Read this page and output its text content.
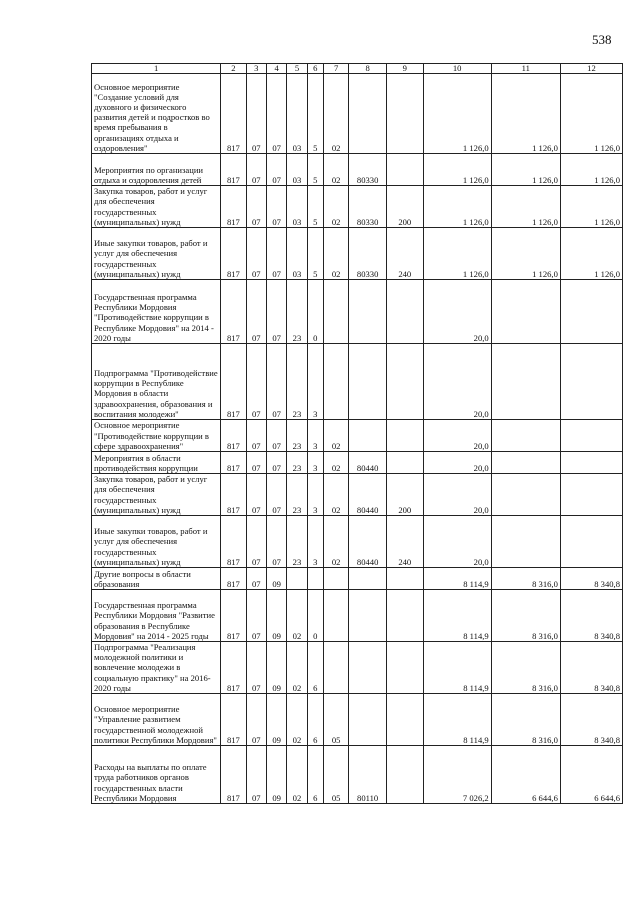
538
1	2	3	4	5	6	7	8	9	10	11	12

Основное мероприятие "Создание условий для духовного и физического развития детей и подростков во время пребывания в организациях отдыха и оздоровления"	817	07	07	03	5	02			1 126,0	1 126,0	1 126,0

Мероприятия по организации отдыха и оздоровления детей	817	07	07	03	5	02	80330		1 126,0	1 126,0	1 126,0

Закупка товаров, работ и услуг для обеспечения государственных (муниципальных) нужд	817	07	07	03	5	02	80330	200	1 126,0	1 126,0	1 126,0

Иные закупки товаров, работ и услуг для обеспечения государственных (муниципальных) нужд	817	07	07	03	5	02	80330	240	1 126,0	1 126,0	1 126,0

Государственная программа Республики Мордовия "Противодействие коррупции в Республике Мордовия" на 2014 - 2020 годы	817	07	07	23	0				20,0		

Подпрограмма "Противодействие коррупции в Республике Мордовия в области здравоохранения, образования и воспитания молодежи"	817	07	07	23	3				20,0		

Основное мероприятие "Противодействие коррупции в сфере здравоохранения"	817	07	07	23	3	02			20,0		

Мероприятия в области противодействия коррупции	817	07	07	23	3	02	80440		20,0		

Закупка товаров, работ и услуг для обеспечения государственных (муниципальных) нужд	817	07	07	23	3	02	80440	200	20,0		

Иные закупки товаров, работ и услуг для обеспечения государственных (муниципальных) нужд	817	07	07	23	3	02	80440	240	20,0		

Другие вопросы в области образования	817	07	09						8 114,9	8 316,0	8 340,8

Государственная программа Республики Мордовия "Развитие образования в Республике Мордовия" на 2014 - 2025 годы	817	07	09	02	0				8 114,9	8 316,0	8 340,8

Подпрограмма "Реализация молодежной политики и вовлечение молодежи в социальную практику" на 2016-2020 годы	817	07	09	02	6				8 114,9	8 316,0	8 340,8

Основное мероприятие "Управление развитием государственной молодежной политики Республики Мордовия"	817	07	09	02	6	05			8 114,9	8 316,0	8 340,8

Расходы на выплаты по оплате труда работников органов государственных власти Республики Мордовия	817	07	09	02	6	05	80110		7 026,2	6 644,6	6 644,6
